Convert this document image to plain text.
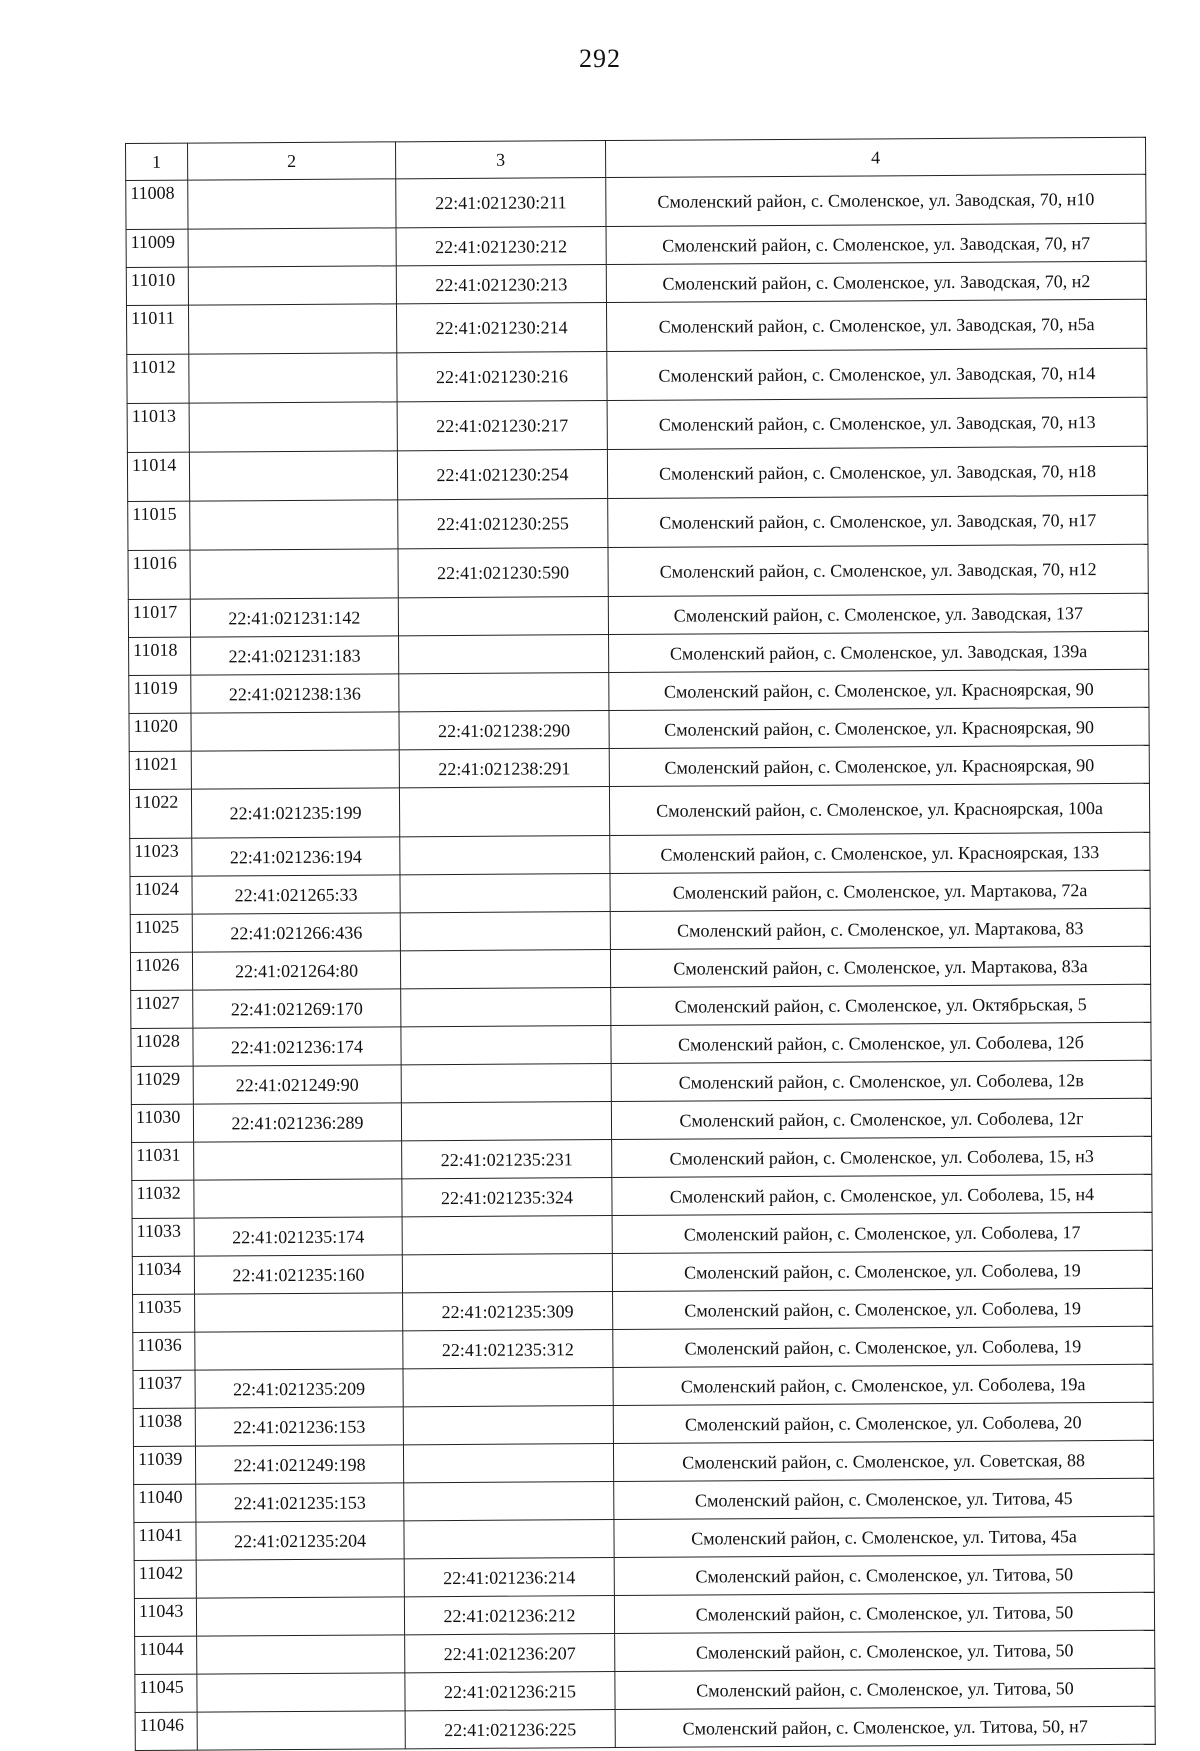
292
1	2	3	4
11008		22:41:021230:211	Смоленский район, с. Смоленское, ул. Заводская, 70, н10
11009		22:41:021230:212	Смоленский район, с. Смоленское, ул. Заводская, 70, н7
11010		22:41:021230:213	Смоленский район, с. Смоленское, ул. Заводская, 70, н2
11011		22:41:021230:214	Смоленский район, с. Смоленское, ул. Заводская, 70, н5а
11012		22:41:021230:216	Смоленский район, с. Смоленское, ул. Заводская, 70, н14
11013		22:41:021230:217	Смоленский район, с. Смоленское, ул. Заводская, 70, н13
11014		22:41:021230:254	Смоленский район, с. Смоленское, ул. Заводская, 70, н18
11015		22:41:021230:255	Смоленский район, с. Смоленское, ул. Заводская, 70, н17
11016		22:41:021230:590	Смоленский район, с. Смоленское, ул. Заводская, 70, н12
11017	22:41:021231:142		Смоленский район, с. Смоленское, ул. Заводская, 137
11018	22:41:021231:183		Смоленский район, с. Смоленское, ул. Заводская, 139а
11019	22:41:021238:136		Смоленский район, с. Смоленское, ул. Красноярская, 90
11020		22:41:021238:290	Смоленский район, с. Смоленское, ул. Красноярская, 90
11021		22:41:021238:291	Смоленский район, с. Смоленское, ул. Красноярская, 90
11022	22:41:021235:199		Смоленский район, с. Смоленское, ул. Красноярская, 100а
11023	22:41:021236:194		Смоленский район, с. Смоленское, ул. Красноярская, 133
11024	22:41:021265:33		Смоленский район, с. Смоленское, ул. Мартакова, 72а
11025	22:41:021266:436		Смоленский район, с. Смоленское, ул. Мартакова, 83
11026	22:41:021264:80		Смоленский район, с. Смоленское, ул. Мартакова, 83а
11027	22:41:021269:170		Смоленский район, с. Смоленское, ул. Октябрьская, 5
11028	22:41:021236:174		Смоленский район, с. Смоленское, ул. Соболева, 12б
11029	22:41:021249:90		Смоленский район, с. Смоленское, ул. Соболева, 12в
11030	22:41:021236:289		Смоленский район, с. Смоленское, ул. Соболева, 12г
11031		22:41:021235:231	Смоленский район, с. Смоленское, ул. Соболева, 15, н3
11032		22:41:021235:324	Смоленский район, с. Смоленское, ул. Соболева, 15, н4
11033	22:41:021235:174		Смоленский район, с. Смоленское, ул. Соболева, 17
11034	22:41:021235:160		Смоленский район, с. Смоленское, ул. Соболева, 19
11035		22:41:021235:309	Смоленский район, с. Смоленское, ул. Соболева, 19
11036		22:41:021235:312	Смоленский район, с. Смоленское, ул. Соболева, 19
11037	22:41:021235:209		Смоленский район, с. Смоленское, ул. Соболева, 19а
11038	22:41:021236:153		Смоленский район, с. Смоленское, ул. Соболева, 20
11039	22:41:021249:198		Смоленский район, с. Смоленское, ул. Советская, 88
11040	22:41:021235:153		Смоленский район, с. Смоленское, ул. Титова, 45
11041	22:41:021235:204		Смоленский район, с. Смоленское, ул. Титова, 45а
11042		22:41:021236:214	Смоленский район, с. Смоленское, ул. Титова, 50
11043		22:41:021236:212	Смоленский район, с. Смоленское, ул. Титова, 50
11044		22:41:021236:207	Смоленский район, с. Смоленское, ул. Титова, 50
11045		22:41:021236:215	Смоленский район, с. Смоленское, ул. Титова, 50
11046		22:41:021236:225	Смоленский район, с. Смоленское, ул. Титова, 50, н7
